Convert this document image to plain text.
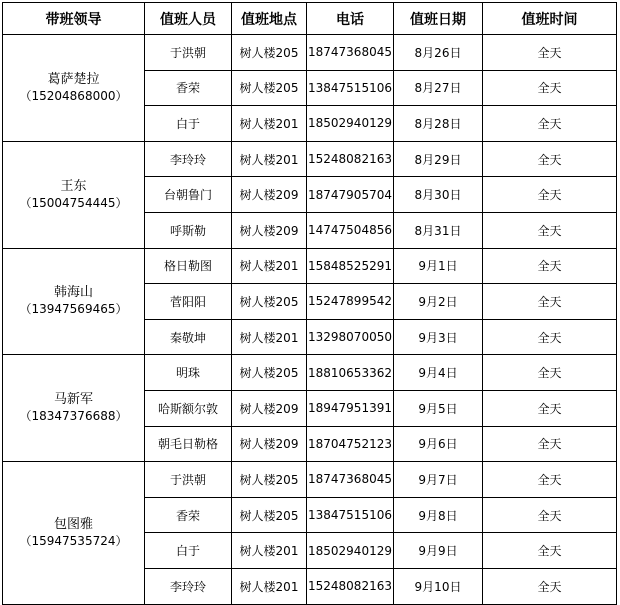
带班领导	值班人员	值班地点	电话	值班日期	值班时间

葛萨楚拉
（15204868000）	于洪朝	树人楼205	18747368045	8月26日	全天
	香荣	树人楼205	13847515106	8月27日	全天
	白于	树人楼201	18502940129	8月28日	全天

王东
（15004754445）	李玲玲	树人楼201	15248082163	8月29日	全天
	台朝鲁门	树人楼209	18747905704	8月30日	全天
	呼斯勒	树人楼209	14747504856	8月31日	全天

韩海山
（13947569465）	格日勒图	树人楼201	15848525291	9月1日	全天
	菅阳阳	树人楼205	15247899542	9月2日	全天
	秦敬坤	树人楼201	13298070050	9月3日	全天

马新军
（18347376688）	明珠	树人楼205	18810653362	9月4日	全天
	哈斯额尔敦	树人楼209	18947951391	9月5日	全天
	朝毛日勒格	树人楼209	18704752123	9月6日	全天

包图雅
（15947535724）	于洪朝	树人楼205	18747368045	9月7日	全天
	香荣	树人楼205	13847515106	9月8日	全天
	白于	树人楼201	18502940129	9月9日	全天
	李玲玲	树人楼201	15248082163	9月10日	全天
